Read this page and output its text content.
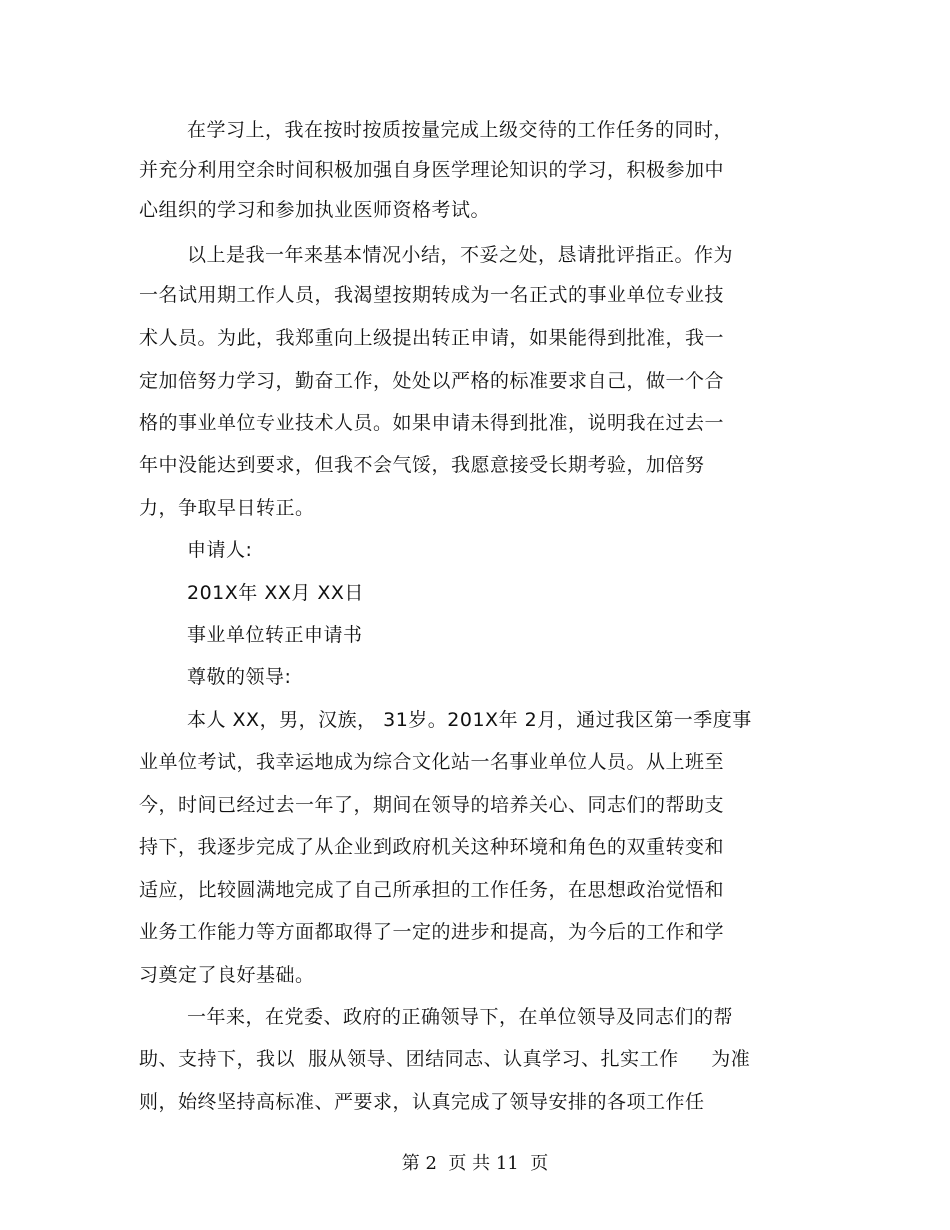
在学习上，我在按时按质按量完成上级交待的工作任务的同时，
并充分利用空余时间积极加强自身医学理论知识的学习，积极参加中
心组织的学习和参加执业医师资格考试。
以上是我一年来基本情况小结，不妥之处，恳请批评指正。作为
一名试用期工作人员，我渴望按期转成为一名正式的事业单位专业技
术人员。为此，我郑重向上级提出转正申请，如果能得到批准，我一
定加倍努力学习，勤奋工作，处处以严格的标准要求自己，做一个合
格的事业单位专业技术人员。如果申请未得到批准，说明我在过去一
年中没能达到要求，但我不会气馁，我愿意接受长期考验，加倍努
力，争取早日转正。
申请人:
201X年 XX月 XX日
事业单位转正申请书
尊敬的领导:
本人 XX，男，汉族， 31岁。201X年 2月，通过我区第一季度事
业单位考试，我幸运地成为综合文化站一名事业单位人员。从上班至
今，时间已经过去一年了，期间在领导的培养关心、同志们的帮助支
持下，我逐步完成了从企业到政府机关这种环境和角色的双重转变和
适应，比较圆满地完成了自己所承担的工作任务，在思想政治觉悟和
业务工作能力等方面都取得了一定的进步和提高，为今后的工作和学
习奠定了良好基础。
一年来，在党委、政府的正确领导下，在单位领导及同志们的帮
助、支持下，我以  服从领导、团结同志、认真学习、扎实工作     为准
则，始终坚持高标准、严要求，认真完成了领导安排的各项工作任
第 2  页 共 11  页
